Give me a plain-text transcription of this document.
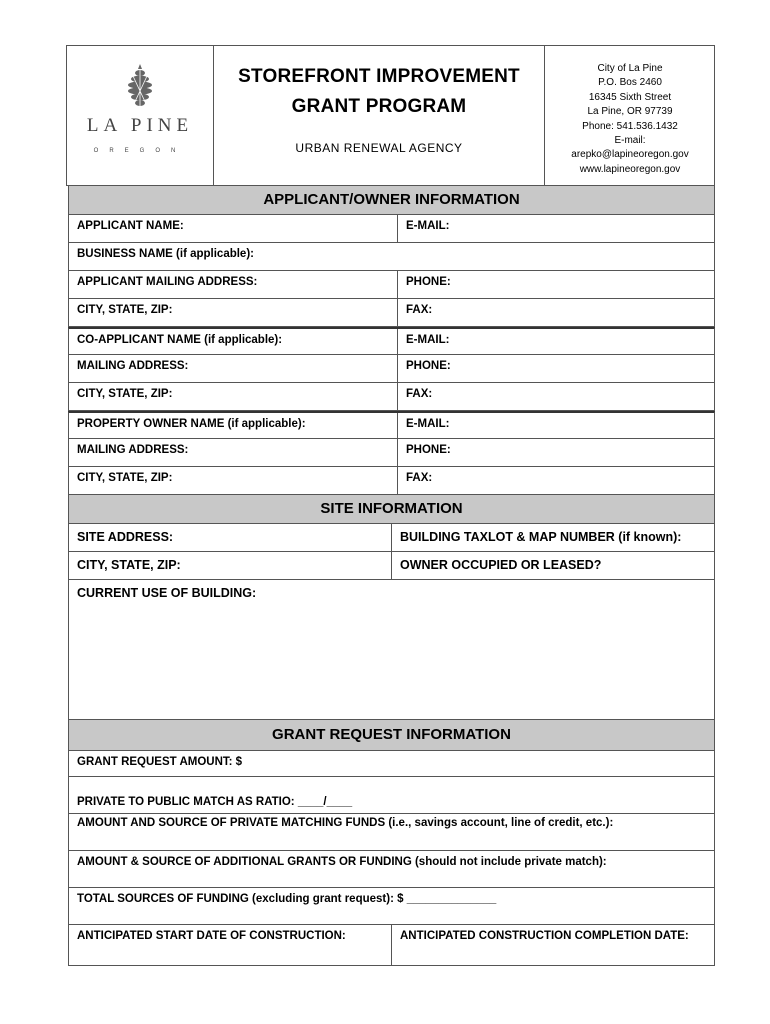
LA PINE
OREGON
STOREFRONT IMPROVEMENT
GRANT PROGRAM
URBAN RENEWAL AGENCY
City of La Pine
P.O. Bos 2460
16345 Sixth Street
La Pine, OR 97739
Phone: 541.536.1432
E-mail:
arepko@lapineoregon.gov
www.lapineoregon.gov
APPLICANT/OWNER INFORMATION
APPLICANT NAME:	E-MAIL:
BUSINESS NAME (if applicable):
APPLICANT MAILING ADDRESS:	PHONE:
CITY, STATE, ZIP:	FAX:
CO-APPLICANT NAME (if applicable):	E-MAIL:
MAILING ADDRESS:	PHONE:
CITY, STATE, ZIP:	FAX:
PROPERTY OWNER NAME (if applicable):	E-MAIL:
MAILING ADDRESS:	PHONE:
CITY, STATE, ZIP:	FAX:
SITE INFORMATION
SITE ADDRESS:	BUILDING TAXLOT & MAP NUMBER (if known):
CITY, STATE, ZIP:	OWNER OCCUPIED OR LEASED?
CURRENT USE OF BUILDING:
GRANT REQUEST INFORMATION
GRANT REQUEST AMOUNT: $
PRIVATE TO PUBLIC MATCH AS RATIO: ____/____
AMOUNT AND SOURCE OF PRIVATE MATCHING FUNDS (i.e., savings account, line of credit, etc.):
AMOUNT & SOURCE OF ADDITIONAL GRANTS OR FUNDING (should not include private match):
TOTAL SOURCES OF FUNDING (excluding grant request): $ ______________
ANTICIPATED START DATE OF CONSTRUCTION:	ANTICIPATED CONSTRUCTION COMPLETION DATE:
